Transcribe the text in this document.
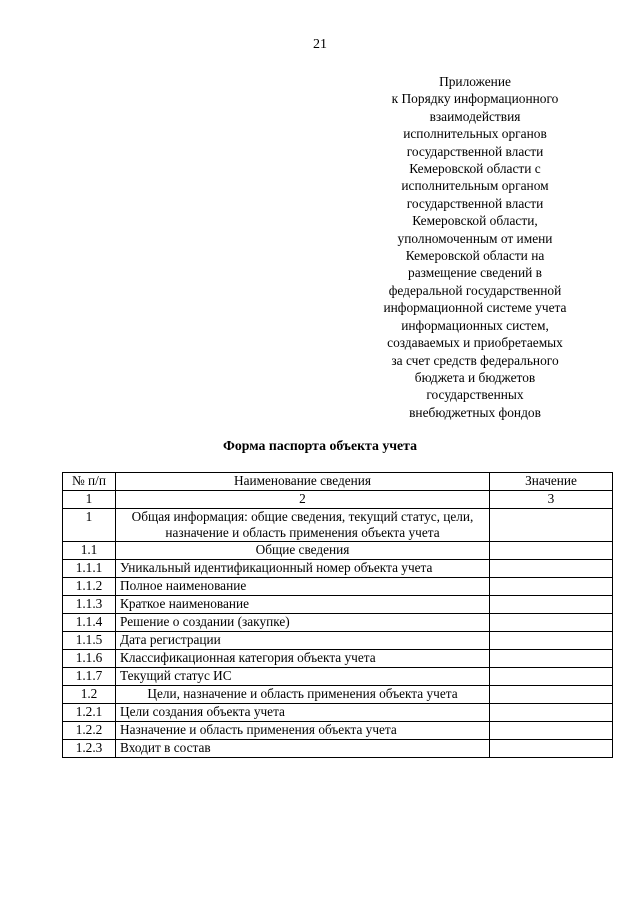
21
Приложение
к Порядку информационного
взаимодействия
исполнительных органов
государственной власти
Кемеровской области с
исполнительным органом
государственной власти
Кемеровской области,
уполномоченным от имени
Кемеровской области на
размещение сведений в
федеральной государственной
информационной системе учета
информационных систем,
создаваемых и приобретаемых
за счет средств федерального
бюджета и бюджетов
государственных
внебюджетных фондов
Форма паспорта объекта учета
№ п/п	Наименование сведения	Значение
1	2	3
1	Общая информация: общие сведения, текущий статус, цели, назначение и область применения объекта учета	
1.1	Общие сведения	
1.1.1	Уникальный идентификационный номер объекта учета	
1.1.2	Полное наименование	
1.1.3	Краткое наименование	
1.1.4	Решение о создании (закупке)	
1.1.5	Дата регистрации	
1.1.6	Классификационная категория объекта учета	
1.1.7	Текущий статус ИС	
1.2	Цели, назначение и область применения объекта учета	
1.2.1	Цели создания объекта учета	
1.2.2	Назначение и область применения объекта учета	
1.2.3	Входит в состав	
